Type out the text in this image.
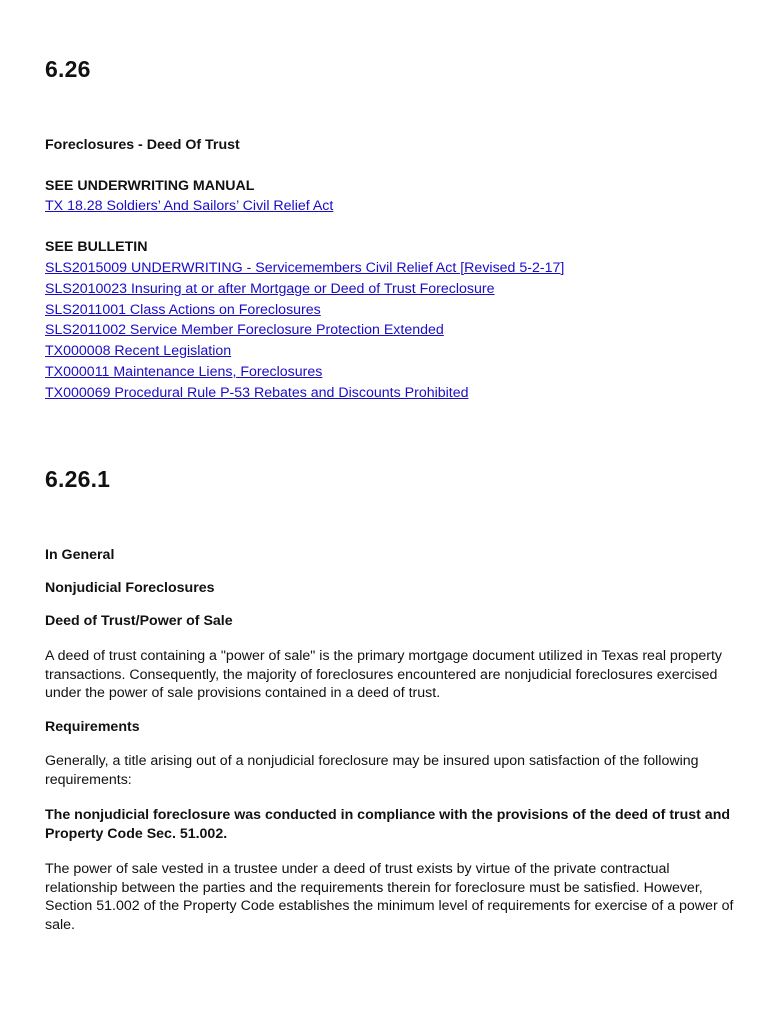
6.26
Foreclosures - Deed Of Trust
SEE UNDERWRITING MANUAL
TX 18.28 Soldiers’ And Sailors’ Civil Relief Act
SEE BULLETIN
SLS2015009 UNDERWRITING - Servicemembers Civil Relief Act [Revised 5-2-17]
SLS2010023 Insuring at or after Mortgage or Deed of Trust Foreclosure
SLS2011001 Class Actions on Foreclosures
SLS2011002 Service Member Foreclosure Protection Extended
TX000008 Recent Legislation
TX000011 Maintenance Liens, Foreclosures
TX000069 Procedural Rule P-53 Rebates and Discounts Prohibited
6.26.1
In General
Nonjudicial Foreclosures
Deed of Trust/Power of Sale
A deed of trust containing a "power of sale" is the primary mortgage document utilized in Texas real property transactions. Consequently, the majority of foreclosures encountered are nonjudicial foreclosures exercised under the power of sale provisions contained in a deed of trust.
Requirements
Generally, a title arising out of a nonjudicial foreclosure may be insured upon satisfaction of the following requirements:
The nonjudicial foreclosure was conducted in compliance with the provisions of the deed of trust and Property Code Sec. 51.002.
The power of sale vested in a trustee under a deed of trust exists by virtue of the private contractual relationship between the parties and the requirements therein for foreclosure must be satisfied. However, Section 51.002 of the Property Code establishes the minimum level of requirements for exercise of a power of sale.
